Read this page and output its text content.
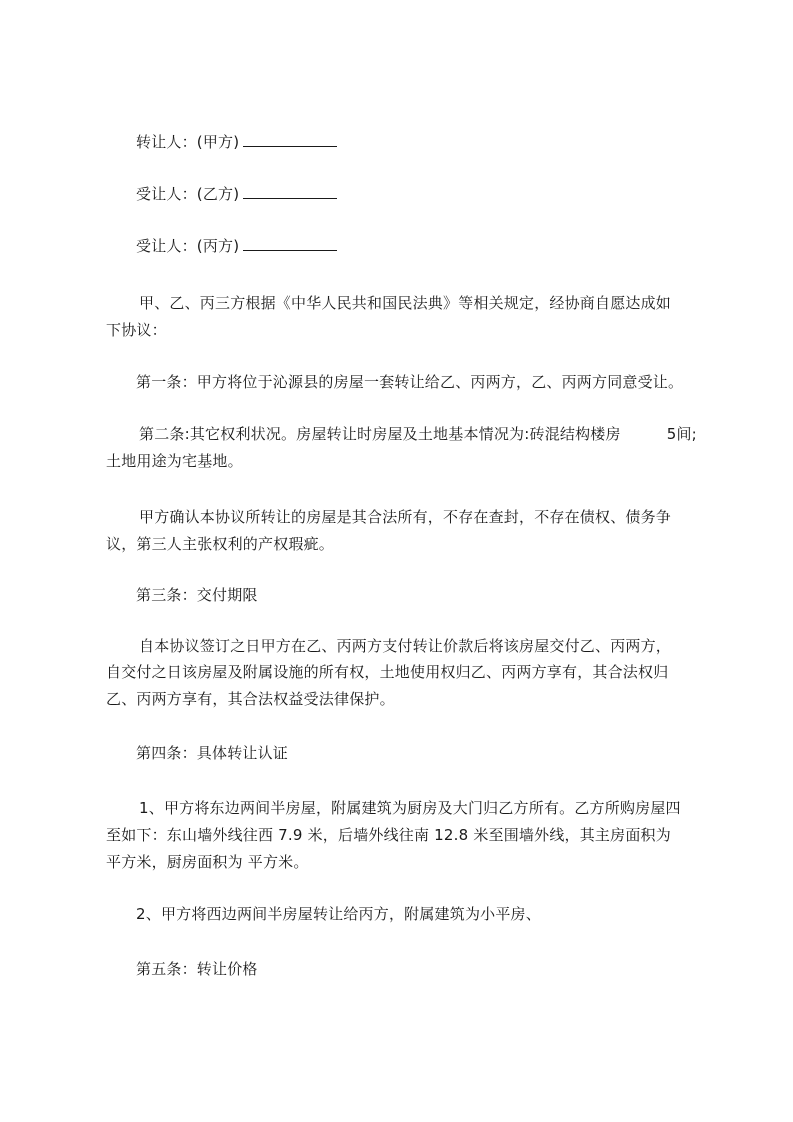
转让人：(甲方)
受让人：(乙方)
受让人：(丙方)
甲、乙、丙三方根据《中华人民共和国民法典》等相关规定，经协商自愿达成如
下协议：
第一条：甲方将位于沁源县的房屋一套转让给乙、丙两方，乙、丙两方同意受让。
第二条:其它权利状况。房屋转让时房屋及土地基本情况为:砖混结构楼房	5间;
土地用途为宅基地。
甲方确认本协议所转让的房屋是其合法所有，不存在查封，不存在债权、债务争
议，第三人主张权利的产权瑕疵。
第三条：交付期限
自本协议签订之日甲方在乙、丙两方支付转让价款后将该房屋交付乙、丙两方，
自交付之日该房屋及附属设施的所有权，土地使用权归乙、丙两方享有，其合法权归
乙、丙两方享有，其合法权益受法律保护。
第四条：具体转让认证
1、甲方将东边两间半房屋，附属建筑为厨房及大门归乙方所有。乙方所购房屋四
至如下：东山墙外线往西 7.9 米，后墙外线往南 12.8 米至围墙外线，其主房面积为
平方米，厨房面积为 平方米。
2、甲方将西边两间半房屋转让给丙方，附属建筑为小平房、
第五条：转让价格
